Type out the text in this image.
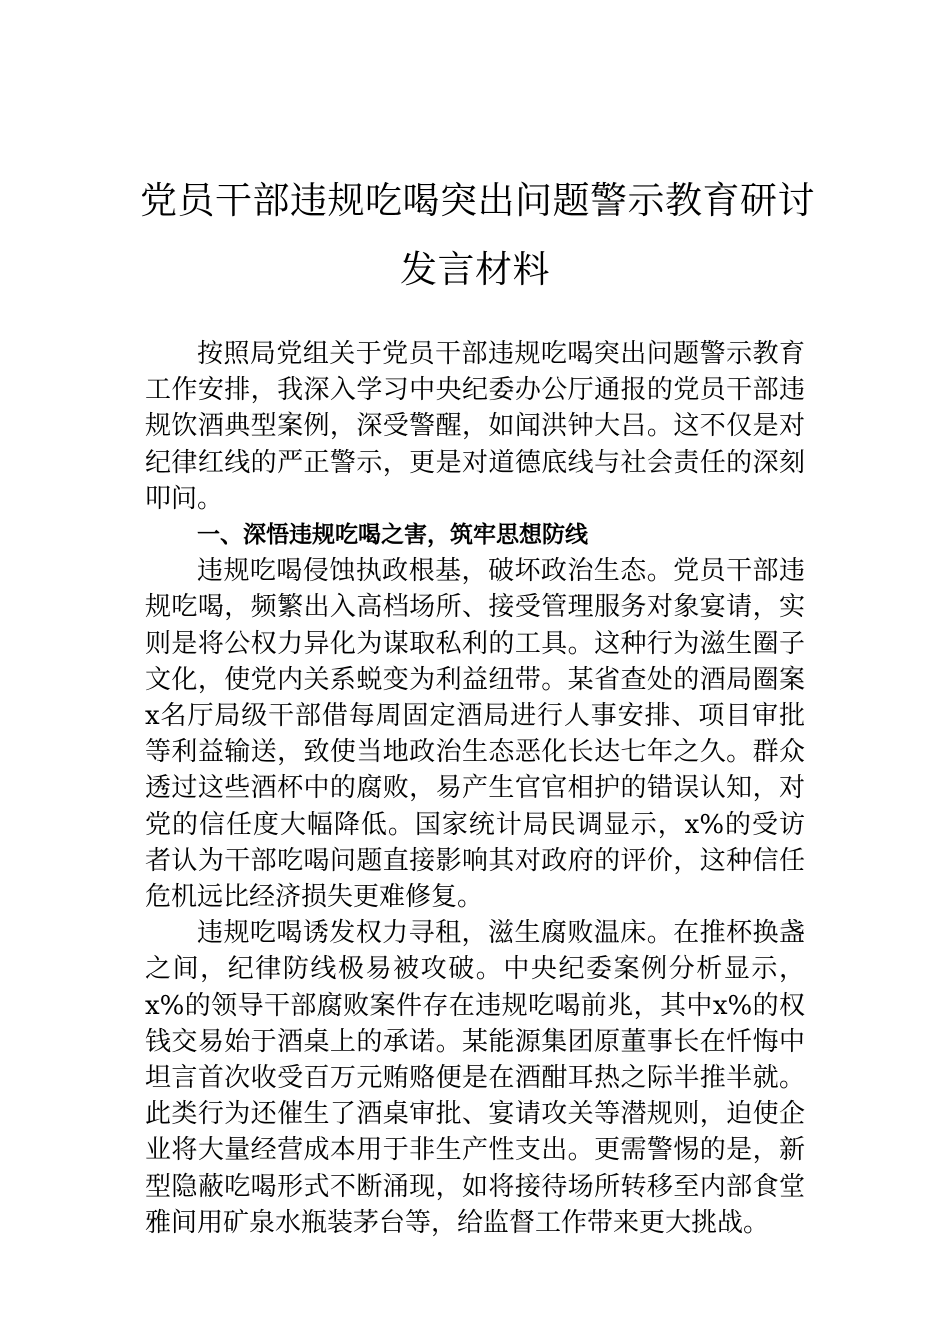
党员干部违规吃喝突出问题警示教育研讨
发言材料

按照局党组关于党员干部违规吃喝突出问题警示教育工作安排，我深入学习中央纪委办公厅通报的党员干部违规饮酒典型案例，深受警醒，如闻洪钟大吕。这不仅是对纪律红线的严正警示，更是对道德底线与社会责任的深刻叩问。

一、深悟违规吃喝之害，筑牢思想防线

违规吃喝侵蚀执政根基，破坏政治生态。党员干部违规吃喝，频繁出入高档场所、接受管理服务对象宴请，实则是将公权力异化为谋取私利的工具。这种行为滋生圈子文化，使党内关系蜕变为利益纽带。某省查处的酒局圈案x名厅局级干部借每周固定酒局进行人事安排、项目审批等利益输送，致使当地政治生态恶化长达七年之久。群众透过这些酒杯中的腐败，易产生官官相护的错误认知，对党的信任度大幅降低。国家统计局民调显示，x%的受访者认为干部吃喝问题直接影响其对政府的评价，这种信任危机远比经济损失更难修复。

违规吃喝诱发权力寻租，滋生腐败温床。在推杯换盏之间，纪律防线极易被攻破。中央纪委案例分析显示，x%的领导干部腐败案件存在违规吃喝前兆，其中x%的权钱交易始于酒桌上的承诺。某能源集团原董事长在忏悔中坦言首次收受百万元贿赂便是在酒酣耳热之际半推半就。此类行为还催生了酒桌审批、宴请攻关等潜规则，迫使企业将大量经营成本用于非生产性支出。更需警惕的是，新型隐蔽吃喝形式不断涌现，如将接待场所转移至内部食堂雅间用矿泉水瓶装茅台等，给监督工作带来更大挑战。
